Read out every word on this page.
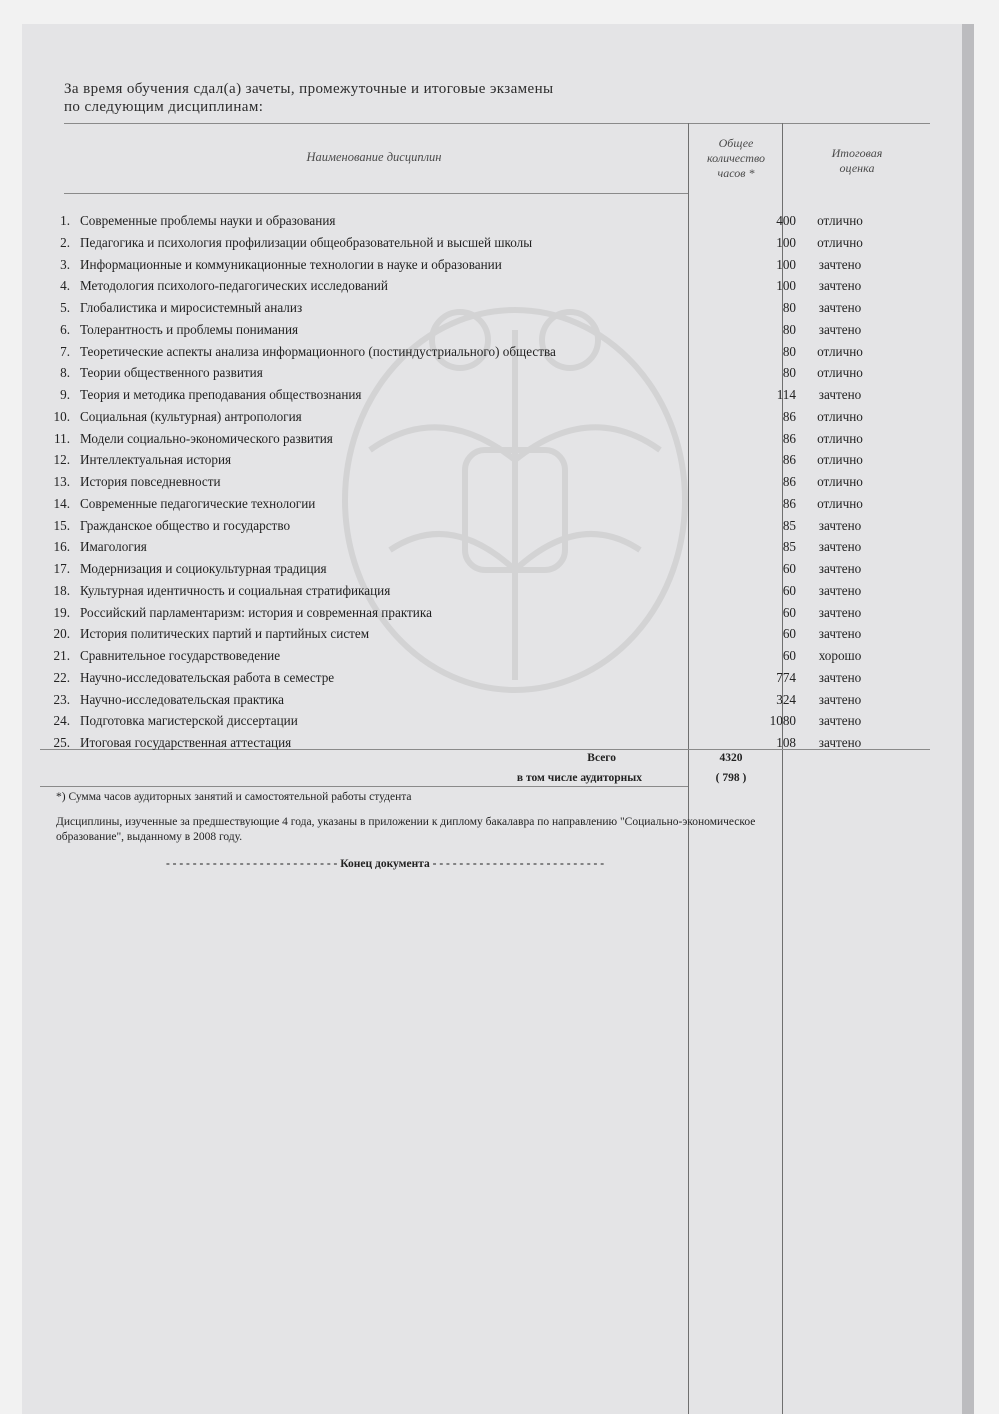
За время обучения сдал(а) зачеты, промежуточные и итоговые экзамены
по следующим дисциплинам:
Наименование дисциплин
Общее
количество
часов *
Итоговая
оценка
1. Современные проблемы науки и образования	400	отлично
2. Педагогика и психология профилизации общеобразовательной и высшей школы	100	отлично
3. Информационные и коммуникационные технологии в науке и образовании	100	зачтено
4. Методология психолого-педагогических исследований	100	зачтено
5. Глобалистика и миросистемный анализ	80	зачтено
6. Толерантность и проблемы понимания	80	зачтено
7. Теоретические аспекты анализа информационного (постиндустриального) общества	80	отлично
8. Теории общественного развития	80	отлично
9. Теория и методика преподавания обществознания	114	зачтено
10. Социальная (культурная) антропология	86	отлично
11. Модели социально-экономического развития	86	отлично
12. Интеллектуальная история	86	отлично
13. История повседневности	86	отлично
14. Современные педагогические технологии	86	отлично
15. Гражданское общество и государство	85	зачтено
16. Имагология	85	зачтено
17. Модернизация и социокультурная традиция	60	зачтено
18. Культурная идентичность и социальная стратификация	60	зачтено
19. Российский парламентаризм: история и современная практика	60	зачтено
20. История политических партий и партийных систем	60	зачтено
21. Сравнительное государствоведение	60	хорошо
22. Научно-исследовательская работа в семестре	774	зачтено
23. Научно-исследовательская практика	324	зачтено
24. Подготовка магистерской диссертации	1080	зачтено
25. Итоговая государственная аттестация	108	зачтено
Всего	4320
в том числе аудиторных	( 798 )
*) Сумма часов аудиторных занятий и самостоятельной работы студента
Дисциплины, изученные за предшествующие 4 года, указаны в приложении к диплому бакалавра по направлению "Социально-экономическое образование", выданному в 2008 году.
- - - - - - - - - - - - - - - - - - - - - - - - - - Конец документа - - - - - - - - - - - - - - - - - - - - - - - - - -
